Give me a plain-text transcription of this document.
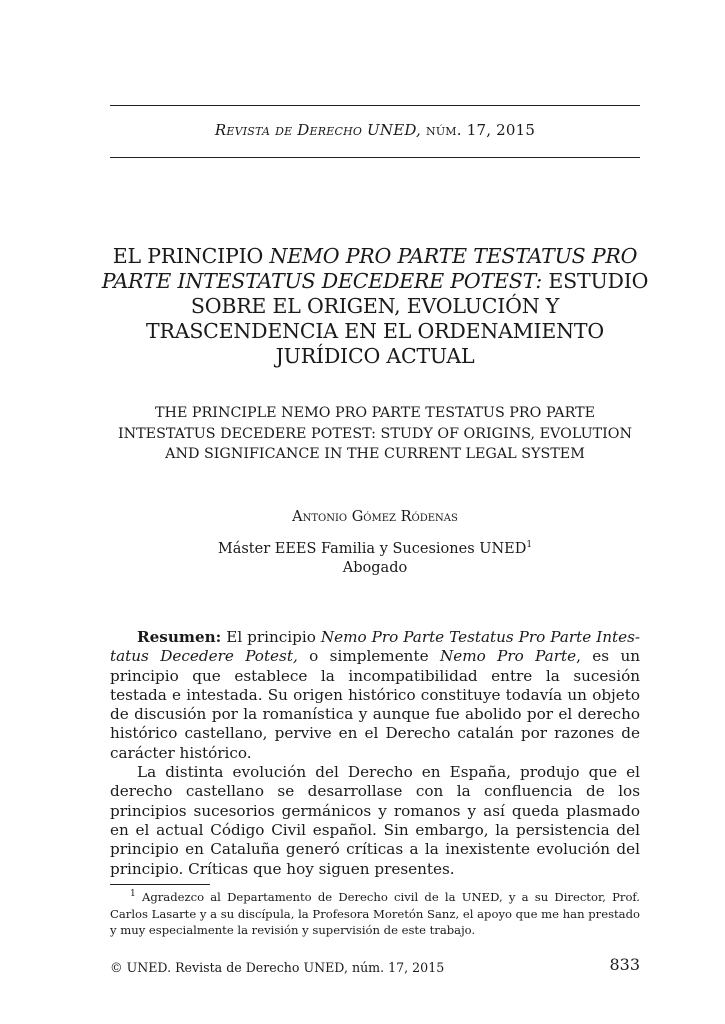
Revista de Derecho UNED, núm. 17, 2015
EL PRINCIPIO NEMO PRO PARTE TESTATUS PRO PARTE INTESTATUS DECEDERE POTEST: ESTUDIO SOBRE EL ORIGEN, EVOLUCIÓN Y TRASCENDENCIA EN EL ORDENAMIENTO JURÍDICO ACTUAL
THE PRINCIPLE NEMO PRO PARTE TESTATUS PRO PARTE INTESTATUS DECEDERE POTEST: STUDY OF ORIGINS, EVOLUTION AND SIGNIFICANCE IN THE CURRENT LEGAL SYSTEM
Antonio Gómez Ródenas
Máster EEES Familia y Sucesiones UNED$^1$
Abogado

Resumen: El principio Nemo Pro Parte Testatus Pro Parte Intestatus Decedere Potest, o simplemente Nemo Pro Parte, es un principio que establece la incompatibilidad entre la sucesión testada e intestada. Su origen histórico constituye todavía un objeto de discusión por la romanística y aunque fue abolido por el derecho histórico castellano, pervive en el Derecho catalán por razones de carácter histórico.

La distinta evolución del Derecho en España, produjo que el derecho castellano se desarrollase con la confluencia de los principios sucesorios germánicos y romanos y así queda plasmado en el actual Código Civil español. Sin embargo, la persistencia del principio en Cataluña generó críticas a la inexistente evolución del principio. Críticas que hoy siguen presentes.

$^1$ Agradezco al Departamento de Derecho civil de la UNED, y a su Director, Prof. Carlos Lasarte y a su discípula, la Profesora Moretón Sanz, el apoyo que me han prestado y muy especialmente la revisión y supervisión de este trabajo.

© UNED. Revista de Derecho UNED, núm. 17, 2015	833
